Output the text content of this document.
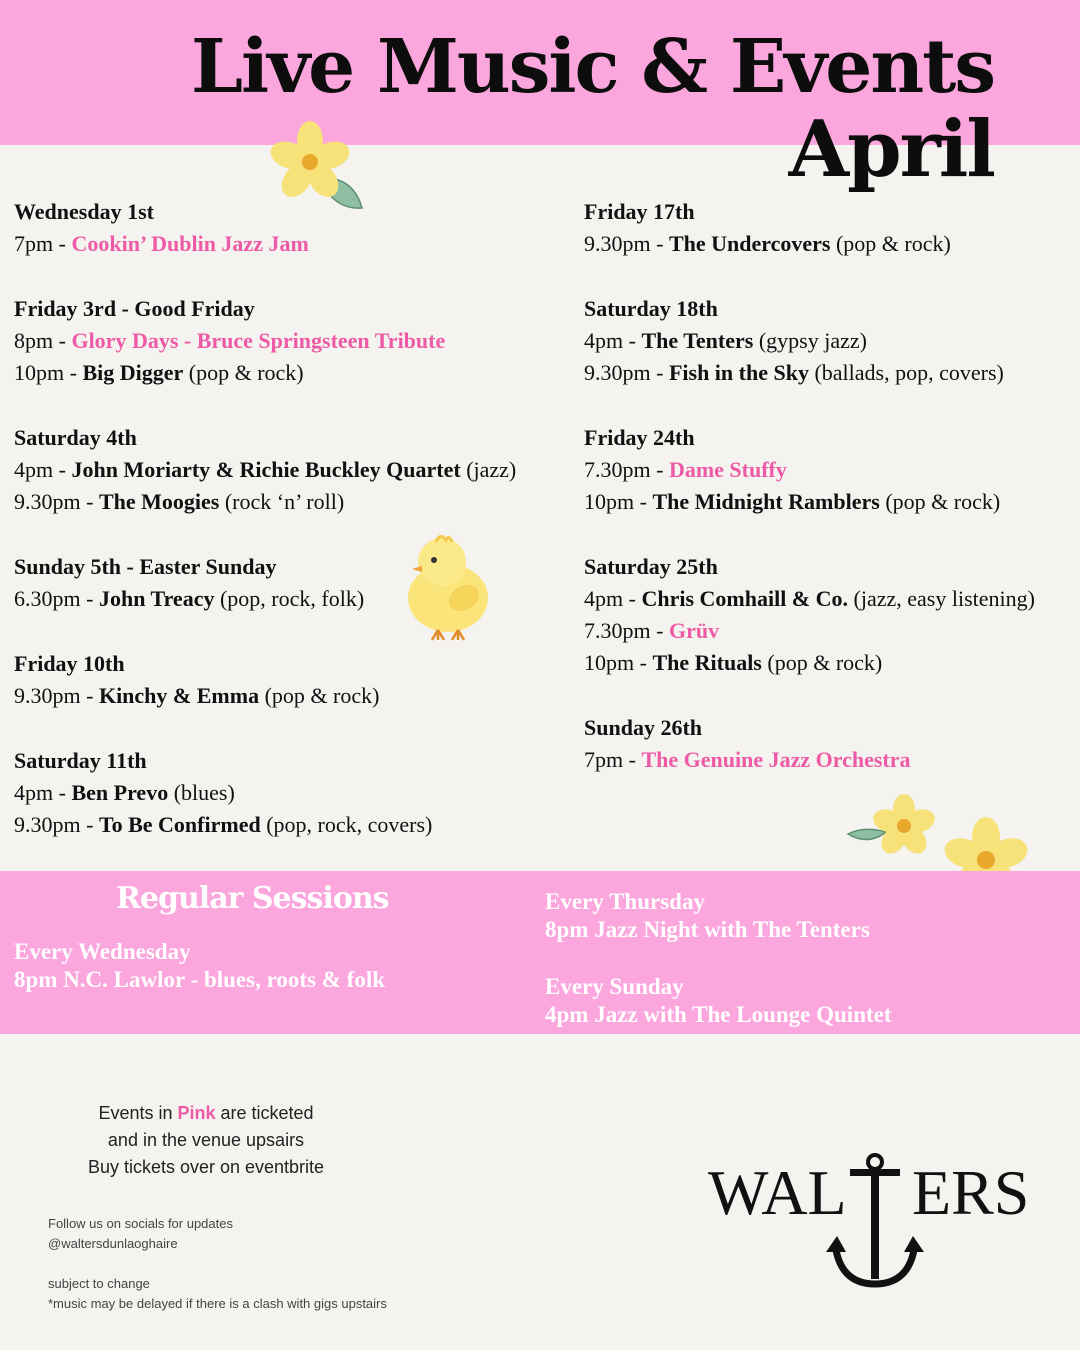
Live Music & Events
April
Wednesday 1st
7pm - Cookin’ Dublin Jazz Jam
Friday 3rd - Good Friday
8pm - Glory Days - Bruce Springsteen Tribute
10pm - Big Digger (pop & rock)
Saturday 4th
4pm - John Moriarty & Richie Buckley Quartet (jazz)
9.30pm - The Moogies (rock ‘n’ roll)
Sunday 5th - Easter Sunday
6.30pm - John Treacy (pop, rock, folk)
Friday 10th
9.30pm - Kinchy & Emma (pop & rock)
Saturday 11th
4pm - Ben Prevo (blues)
9.30pm - To Be Confirmed (pop, rock, covers)
Friday 17th
9.30pm - The Undercovers (pop & rock)
Saturday 18th
4pm - The Tenters (gypsy jazz)
9.30pm - Fish in the Sky (ballads, pop, covers)
Friday 24th
7.30pm - Dame Stuffy
10pm - The Midnight Ramblers (pop & rock)
Saturday 25th
4pm - Chris Comhaill & Co. (jazz, easy listening)
7.30pm - Grüv
10pm - The Rituals (pop & rock)
Sunday 26th
7pm - The Genuine Jazz Orchestra
Regular Sessions
Every Wednesday
8pm N.C. Lawlor - blues, roots & folk
Every Thursday
8pm Jazz Night with The Tenters
Every Sunday
4pm Jazz with The Lounge Quintet
Events in Pink are ticketed
and in the venue upsairs
Buy tickets over on eventbrite
Follow us on socials for updates
@waltersdunlaoghaire
subject to change
*music may be delayed if there is a clash with gigs upstairs
WAL ERS
